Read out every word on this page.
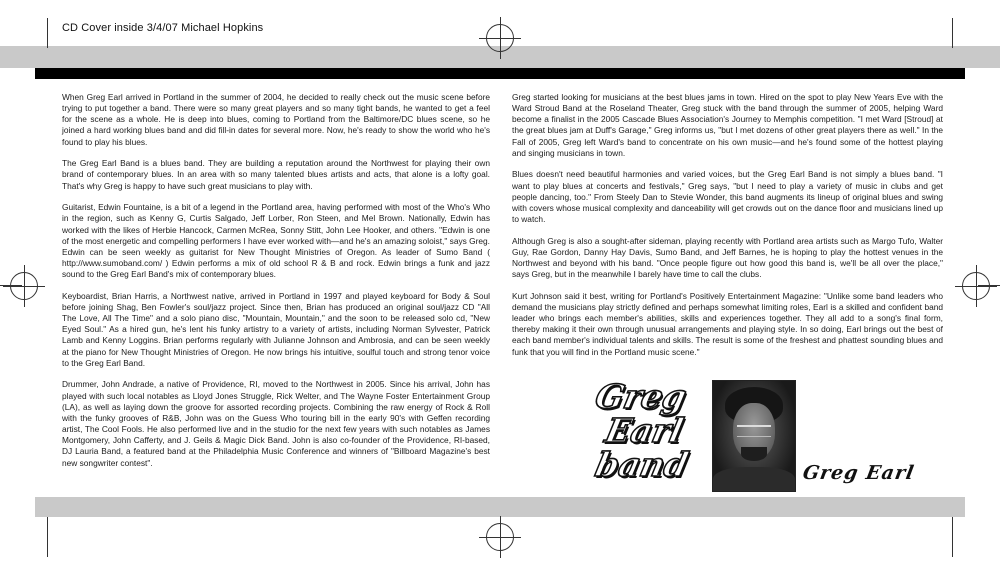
CD Cover inside 3/4/07 Michael Hopkins

When Greg Earl arrived in Portland in the summer of 2004, he decided to really check out the music scene before trying to put together a band. There were so many great players and so many tight bands, he wanted to get a feel for the scene as a whole. He is deep into blues, coming to Portland from the Baltimore/DC blues scene, so he joined a hard working blues band and did fill-in dates for several more. Now, he's ready to show the world who he's found to play his blues.

The Greg Earl Band is a blues band. They are building a reputation around the Northwest for playing their own brand of contemporary blues. In an area with so many talented blues artists and acts, that alone is a lofty goal. That's why Greg is happy to have such great musicians to play with.

Guitarist, Edwin Fountaine, is a bit of a legend in the Portland area, having performed with most of the Who's Who in the region, such as Kenny G, Curtis Salgado, Jeff Lorber, Ron Steen, and Mel Brown. Nationally, Edwin has worked with the likes of Herbie Hancock, Carmen McRea, Sonny Stitt, John Lee Hooker, and others. "Edwin is one of the most energetic and compelling performers I have ever worked with—and he's an amazing soloist," says Greg. Edwin can be seen weekly as guitarist for New Thought Ministries of Oregon. As leader of Sumo Band ( http://www.sumoband.com/ ) Edwin performs a mix of old school R & B and rock. Edwin brings a funk and jazz sound to the Greg Earl Band's mix of contemporary blues.

Keyboardist, Brian Harris, a Northwest native, arrived in Portland in 1997 and played keyboard for Body & Soul before joining Shag, Ben Fowler's soul/jazz project. Since then, Brian has produced an original soul/jazz CD "All The Love, All The Time" and a solo piano disc, "Mountain, Mountain," and the soon to be released solo cd, "New Eyed Soul." As a hired gun, he's lent his funky artistry to a variety of artists, including Norman Sylvester, Patrick Lamb and Kenny Loggins. Brian performs regularly with Julianne Johnson and Ambrosia, and can be seen weekly at the piano for New Thought Ministries of Oregon. He now brings his intuitive, soulful touch and strong tenor voice to the Greg Earl Band.

Drummer, John Andrade, a native of Providence, RI, moved to the Northwest in 2005. Since his arrival, John has played with such local notables as Lloyd Jones Struggle, Rick Welter, and The Wayne Foster Entertainment Group (LA), as well as laying down the groove for assorted recording projects. Combining the raw energy of Rock & Roll with the funky grooves of R&B, John was on the Guess Who touring bill in the early 90's with Geffen recording artist, The Cool Fools. He also performed live and in the studio for the next few years with such notables as James Montgomery, John Cafferty, and J. Geils & Magic Dick Band. John is also co-founder of the Providence, RI-based, DJ Lauria Band, a featured band at the Philadelphia Music Conference and winners of "Billboard Magazine's best new songwriter contest".

Greg started looking for musicians at the best blues jams in town. Hired on the spot to play New Years Eve with the Ward Stroud Band at the Roseland Theater, Greg stuck with the band through the summer of 2005, helping Ward become a finalist in the 2005 Cascade Blues Association's Journey to Memphis competition. "I met Ward [Stroud] at the great blues jam at Duff's Garage," Greg informs us, "but I met dozens of other great players there as well." In the Fall of 2005, Greg left Ward's band to concentrate on his own music—and he's found some of the hottest playing and singing musicians in town.

Blues doesn't need beautiful harmonies and varied voices, but the Greg Earl Band is not simply a blues band. "I want to play blues at concerts and festivals," Greg says, "but I need to play a variety of music in clubs and get people dancing, too." From Steely Dan to Stevie Wonder, this band augments its lineup of original blues and swing with covers whose musical complexity and danceability will get crowds out on the dance floor and musicians lined up to watch.

Although Greg is also a sought-after sideman, playing recently with Portland area artists such as Margo Tufo, Walter Guy, Rae Gordon, Danny Hay Davis, Sumo Band, and Jeff Barnes, he is hoping to play the hottest venues in the Northwest and beyond with his band. "Once people figure out how good this band is, we'll be all over the place," says Greg, but in the meanwhile I barely have time to call the clubs.

Kurt Johnson said it best, writing for Portland's Positively Entertainment Magazine: "Unlike some band leaders who demand the musicians play strictly defined and perhaps somewhat limiting roles, Earl is a skilled and confident band leader who brings each member's abilities, skills and experiences together. They all add to a song's final form, thereby making it their own through unusual arrangements and playing style. In so doing, Earl brings out the best of each band member's individual talents and skills. The result is some of the freshest and phattest sounding blues and funk that you will find in the Portland music scene."

Greg
Earl
band	Greg Earl
